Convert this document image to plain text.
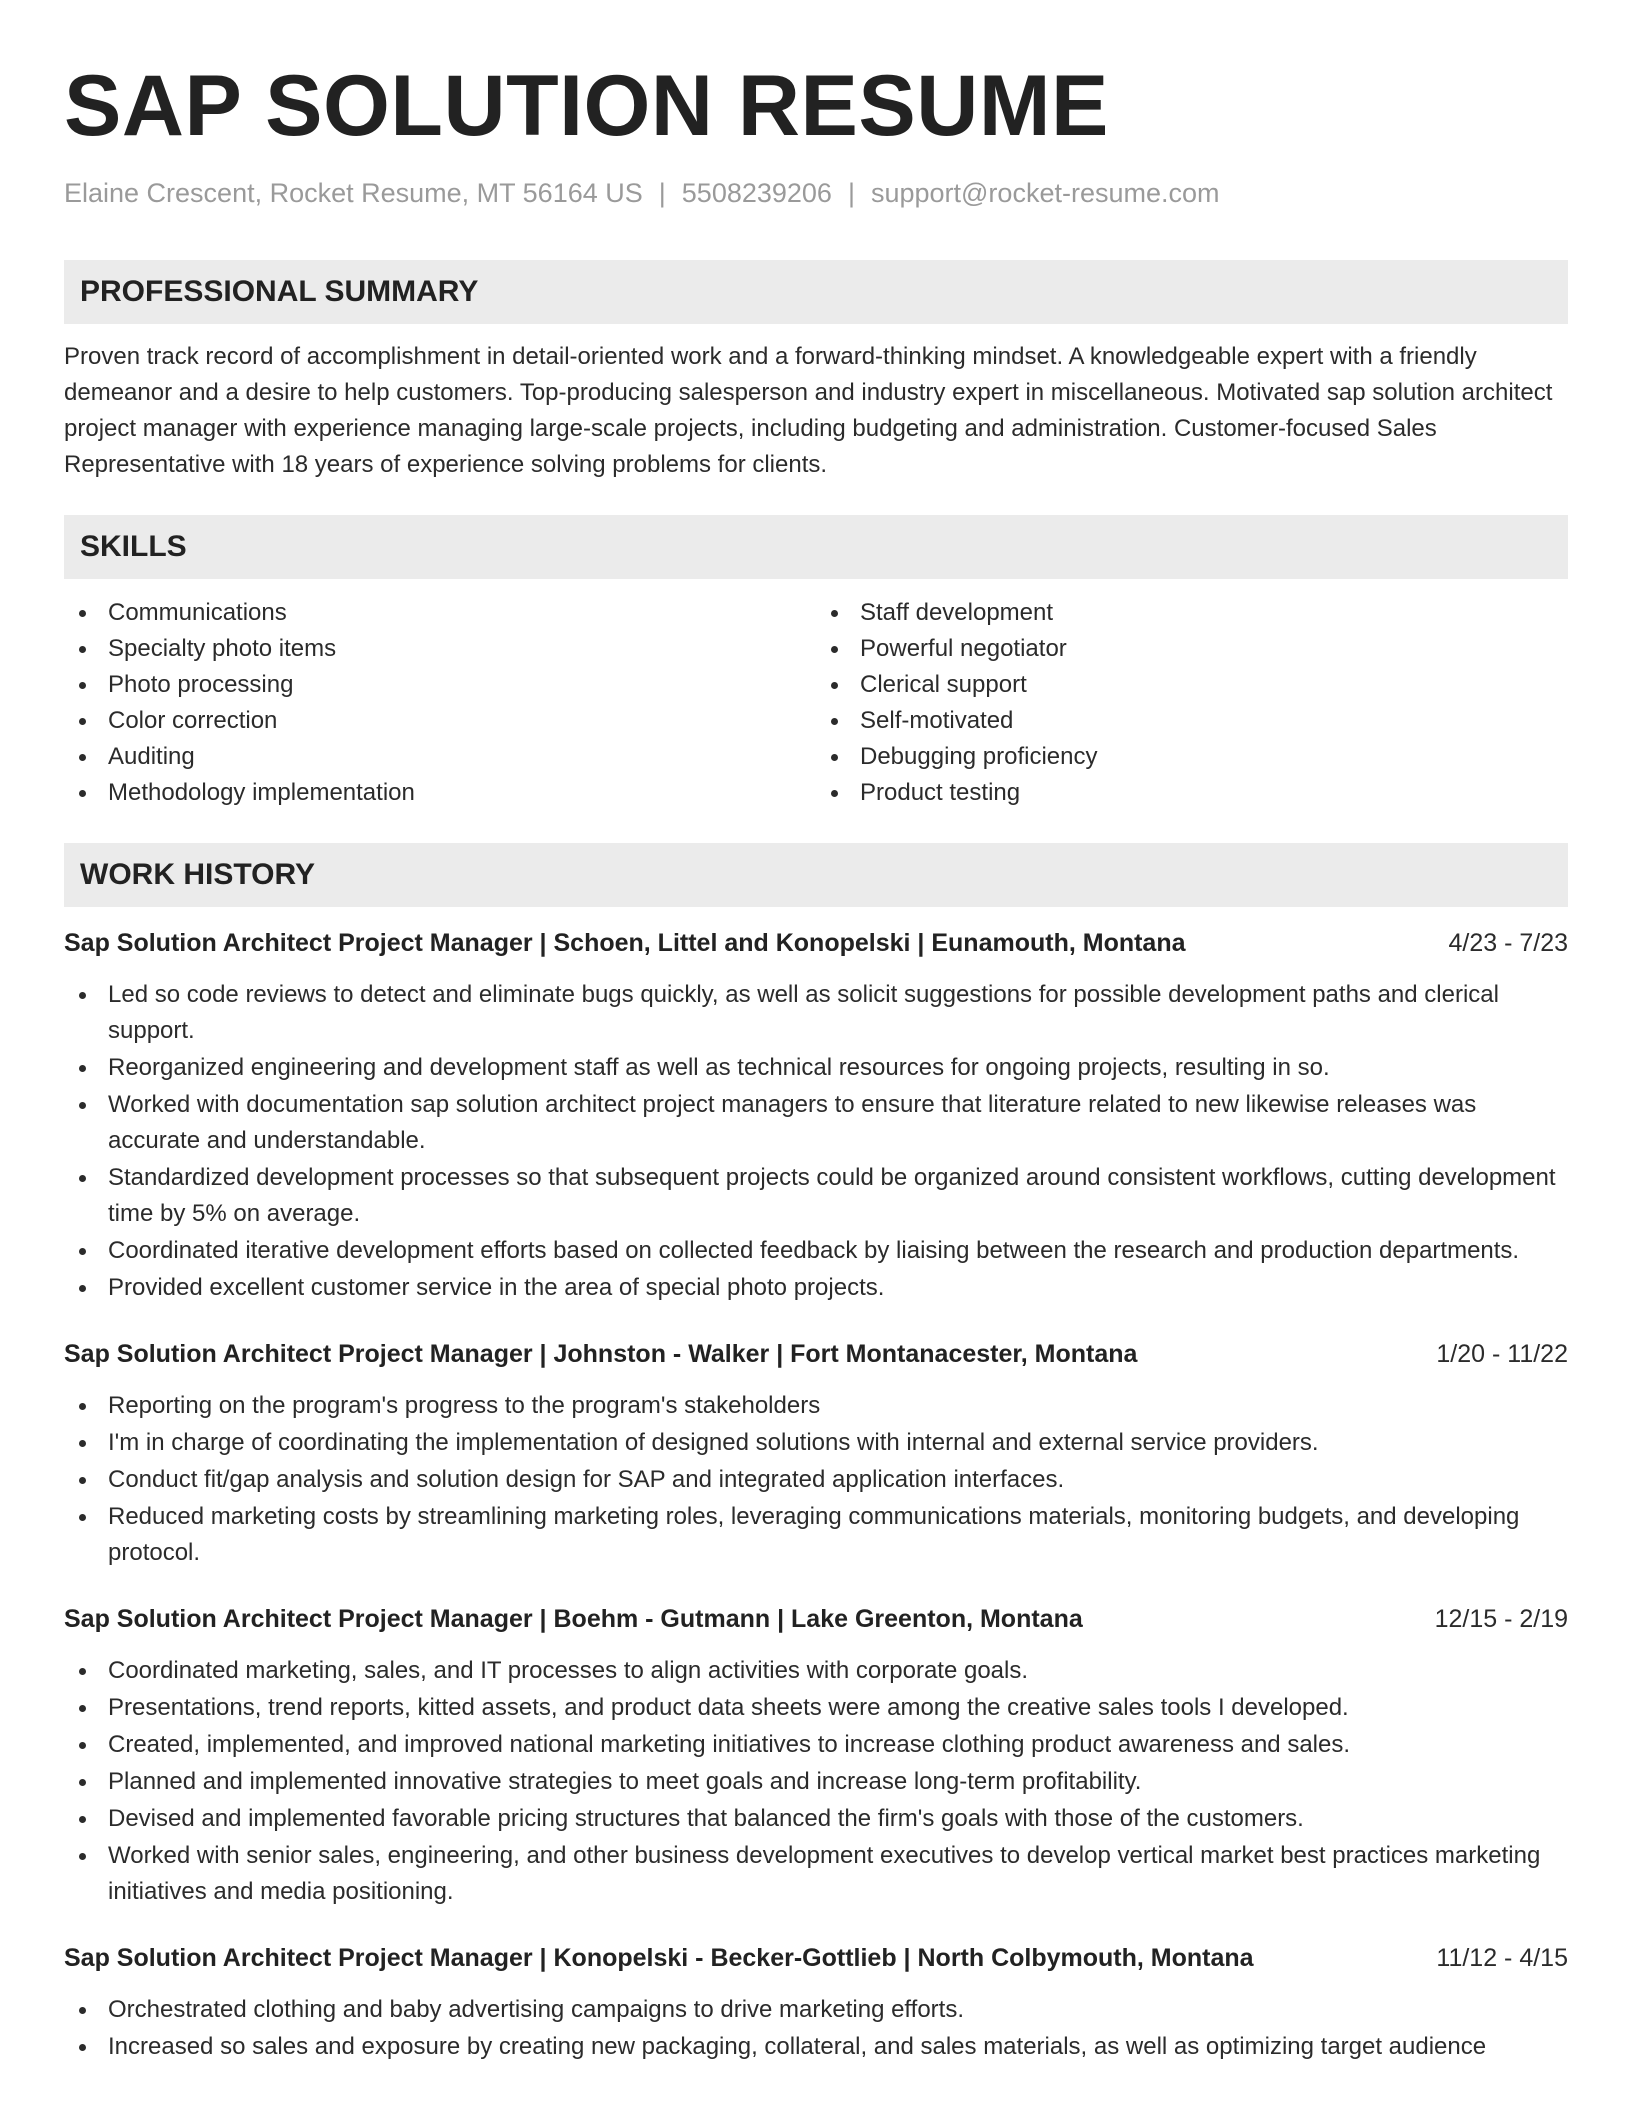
SAP SOLUTION RESUME
Elaine Crescent, Rocket Resume, MT 56164 US | 5508239206 | support@rocket-resume.com
PROFESSIONAL SUMMARY
Proven track record of accomplishment in detail-oriented work and a forward-thinking mindset. A knowledgeable expert with a friendly demeanor and a desire to help customers. Top-producing salesperson and industry expert in miscellaneous. Motivated sap solution architect project manager with experience managing large-scale projects, including budgeting and administration. Customer-focused Sales Representative with 18 years of experience solving problems for clients.
SKILLS
Communications
Specialty photo items
Photo processing
Color correction
Auditing
Methodology implementation
Staff development
Powerful negotiator
Clerical support
Self-motivated
Debugging proficiency
Product testing
WORK HISTORY
Sap Solution Architect Project Manager | Schoen, Littel and Konopelski | Eunamouth, Montana	4/23 - 7/23
Led so code reviews to detect and eliminate bugs quickly, as well as solicit suggestions for possible development paths and clerical support.
Reorganized engineering and development staff as well as technical resources for ongoing projects, resulting in so.
Worked with documentation sap solution architect project managers to ensure that literature related to new likewise releases was accurate and understandable.
Standardized development processes so that subsequent projects could be organized around consistent workflows, cutting development time by 5% on average.
Coordinated iterative development efforts based on collected feedback by liaising between the research and production departments.
Provided excellent customer service in the area of special photo projects.
Sap Solution Architect Project Manager | Johnston - Walker | Fort Montanacester, Montana	1/20 - 11/22
Reporting on the program's progress to the program's stakeholders
I'm in charge of coordinating the implementation of designed solutions with internal and external service providers.
Conduct fit/gap analysis and solution design for SAP and integrated application interfaces.
Reduced marketing costs by streamlining marketing roles, leveraging communications materials, monitoring budgets, and developing protocol.
Sap Solution Architect Project Manager | Boehm - Gutmann | Lake Greenton, Montana	12/15 - 2/19
Coordinated marketing, sales, and IT processes to align activities with corporate goals.
Presentations, trend reports, kitted assets, and product data sheets were among the creative sales tools I developed.
Created, implemented, and improved national marketing initiatives to increase clothing product awareness and sales.
Planned and implemented innovative strategies to meet goals and increase long-term profitability.
Devised and implemented favorable pricing structures that balanced the firm's goals with those of the customers.
Worked with senior sales, engineering, and other business development executives to develop vertical market best practices marketing initiatives and media positioning.
Sap Solution Architect Project Manager | Konopelski - Becker-Gottlieb | North Colbymouth, Montana	11/12 - 4/15
Orchestrated clothing and baby advertising campaigns to drive marketing efforts.
Increased so sales and exposure by creating new packaging, collateral, and sales materials, as well as optimizing target audience
